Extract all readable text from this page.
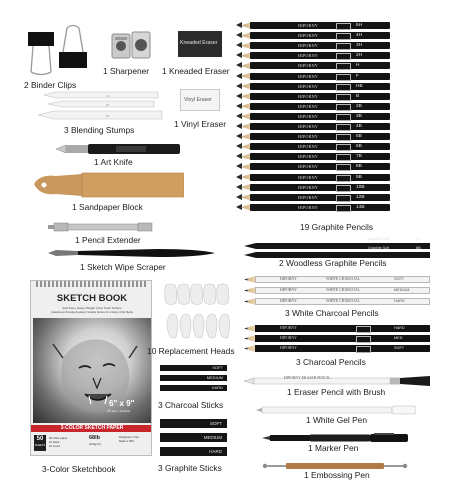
2 Binder Clips
1 Sharpener
Kneaded Eraser
1 Kneaded Eraser
#1
#2
#3
3 Blending Stumps
Vinyl Eraser
1 Vinyl Eraser
1 Art Knife
1 Sandpaper Block
1 Pencil Extender
1 Sketch Wipe Scraper
SKETCH BOOK
Acid Free | Heavy Weight | Fine Tooth Surface
Erasable and Smudge Resistant | Suitable Surface for a Variety of Dry Media
6" x 9"
(15.2cm x 22.9cm)
3-COLOR SKETCH PAPER
50
SHEETS
30 white paper
10 black
10 toned
68lb
(100g/m²)
Designed in USA
Made in PRC
3-Color Sketchbook
10 Replacement Heads
SOFT
MEDIUM
HARD
3 Charcoal Sticks
SOFT
MEDIUM
HARD
3 Graphite Sticks
HIPORNY	5H
HIPORNY	4H
HIPORNY	3H
HIPORNY	2H
HIPORNY	H
HIPORNY	F
HIPORNY	HB
HIPORNY	B
HIPORNY	2B
HIPORNY	3B
HIPORNY	4B
HIPORNY	5B
HIPORNY	6B
HIPORNY	7B
HIPORNY	8B
HIPORNY	9B
HIPORNY	10B
HIPORNY	12B
HIPORNY	14B
19 Graphite Pencils
Graphite Soft	4B
Graphite Soft	6B
2 Woodless Graphite Pencils
HIPORNY	WHITE CHARCOAL	SOFT
HIPORNY	WHITE CHARCOAL	MEDIUM
HIPORNY	WHITE CHARCOAL	HARD
3 White Charcoal Pencils
HIPORNY	HARD
HIPORNY	MED
HIPORNY	SOFT
3 Charcoal Pencils
HIPORNY ERASER PENCIL
1 Eraser Pencil with Brush
1 White Gel Pen
1 Marker Pen
1 Embossing Pen
